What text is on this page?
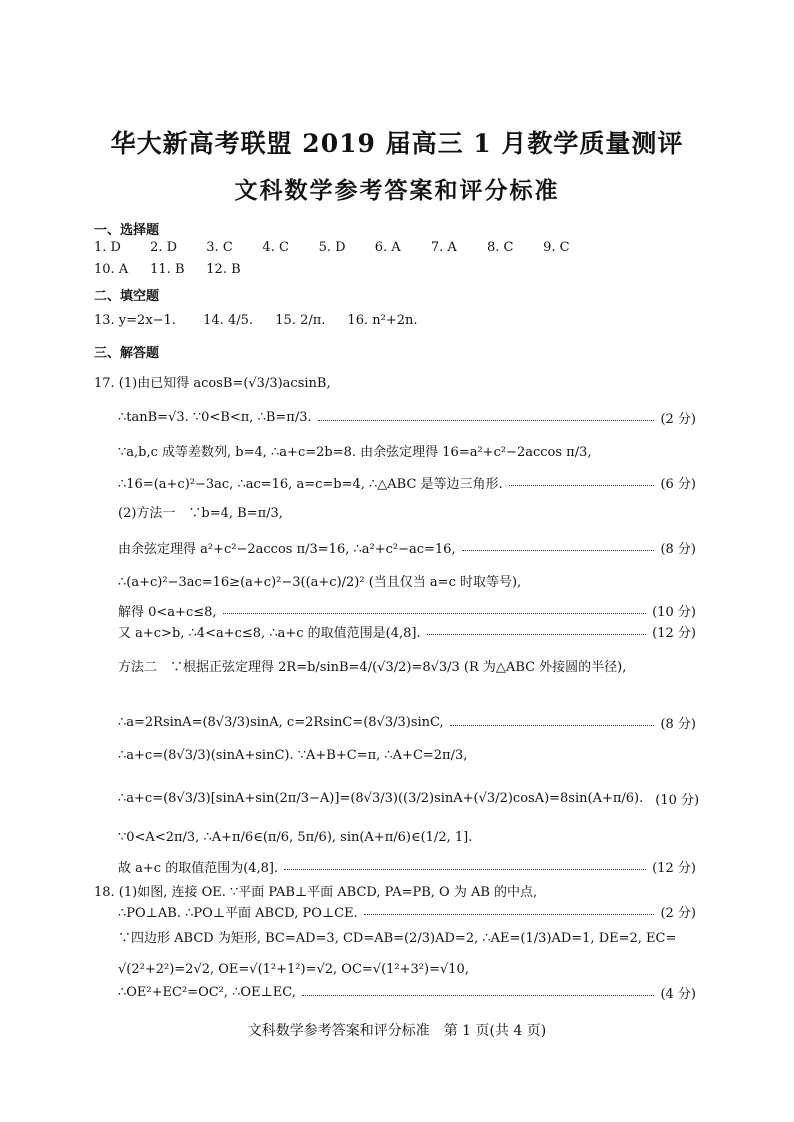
华大新高考联盟 2019 届高三 1 月教学质量测评
文科数学参考答案和评分标准
一、选择题
1. D 2. D 3. C 4. C 5. D 6. A 7. A 8. C 9. C
10. A 11. B 12. B
二、填空题
13. y=2x−1. 14. 4/5. 15. 2/π. 16. n²+2n.
三、解答题
17. (1)由已知得 acosB=(√3/3)acsinB,
∴tanB=√3. ∵0<B<π, ∴B=π/3.	(2 分)
∵a,b,c 成等差数列, b=4, ∴a+c=2b=8. 由余弦定理得 16=a²+c²−2accos π/3,
∴16=(a+c)²−3ac, ∴ac=16, a=c=b=4, ∴△ABC 是等边三角形.	(6 分)
(2)方法一　∵b=4, B=π/3,
由余弦定理得 a²+c²−2accos π/3=16, ∴a²+c²−ac=16,	(8 分)
∴(a+c)²−3ac=16≥(a+c)²−3((a+c)/2)² (当且仅当 a=c 时取等号),
解得 0<a+c≤8,	(10 分)
又 a+c>b, ∴4<a+c≤8, ∴a+c 的取值范围是(4,8].	(12 分)
方法二　∵根据正弦定理得 2R=b/sinB=4/(√3/2)=8√3/3 (R 为△ABC 外接圆的半径),
∴a=2RsinA=(8√3/3)sinA, c=2RsinC=(8√3/3)sinC,	(8 分)
∴a+c=(8√3/3)(sinA+sinC). ∵A+B+C=π, ∴A+C=2π/3,
∴a+c=(8√3/3)[sinA+sin(2π/3−A)]=(8√3/3)((3/2)sinA+(√3/2)cosA)=8sin(A+π/6). (10 分)
∵0<A<2π/3, ∴A+π/6∈(π/6, 5π/6), sin(A+π/6)∈(1/2, 1].
故 a+c 的取值范围为(4,8].	(12 分)
18. (1)如图, 连接 OE. ∵平面 PAB⊥平面 ABCD, PA=PB, O 为 AB 的中点,
∴PO⊥AB. ∴PO⊥平面 ABCD, PO⊥CE.	(2 分)
∵四边形 ABCD 为矩形, BC=AD=3, CD=AB=(2/3)AD=2, ∴AE=(1/3)AD=1, DE=2, EC=
√(2²+2²)=2√2, OE=√(1²+1²)=√2, OC=√(1²+3²)=√10,
∴OE²+EC²=OC², ∴OE⊥EC,	(4 分)
文科数学参考答案和评分标准　第 1 页(共 4 页)
